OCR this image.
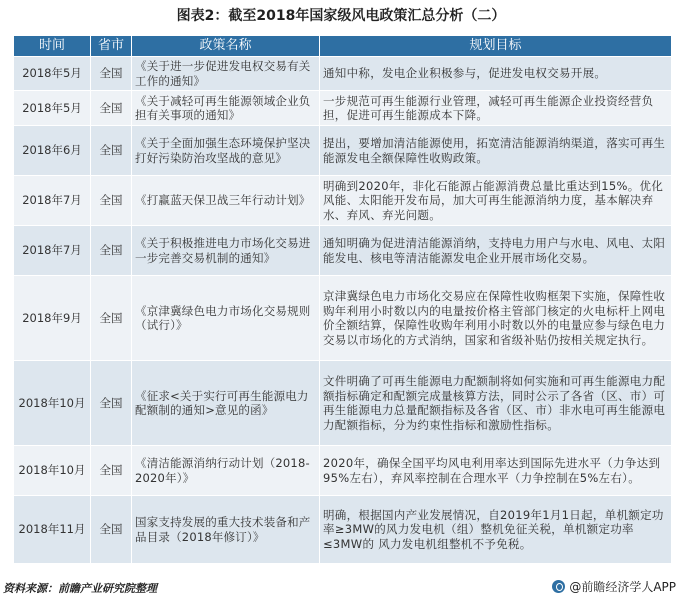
图表2：截至2018年国家级风电政策汇总分析（二）
时间	省市	政策名称	规划目标
2018年5月	全国	《关于进一步促进发电权交易有关工作的通知》	通知中称，发电企业积极参与，促进发电权交易开展。
2018年5月	全国	《关于减轻可再生能源领域企业负担有关事项的通知》	一步规范可再生能源行业管理，减轻可再生能源企业投资经营负担，促进可再生能源成本下降。
2018年6月	全国	《关于全面加强生态环境保护坚决打好污染防治攻坚战的意见》	提出，要增加清洁能源使用，拓宽清洁能源消纳渠道，落实可再生能源发电全额保障性收购政策。
2018年7月	全国	《打赢蓝天保卫战三年行动计划》	明确到2020年，非化石能源占能源消费总量比重达到15%。优化风能、太阳能开发布局，加大可再生能源消纳力度，基本解决弃水、弃风、弃光问题。
2018年7月	全国	《关于积极推进电力市场化交易进一步完善交易机制的通知》	通知明确为促进清洁能源消纳，支持电力用户与水电、风电、太阳能发电、核电等清洁能源发电企业开展市场化交易。
2018年9月	全国	《京津冀绿色电力市场化交易规则（试行）》	京津冀绿色电力市场化交易应在保障性收购框架下实施，保障性收购年利用小时数以内的电量按价格主管部门核定的火电标杆上网电价全额结算，保障性收购年利用小时数以外的电量应参与绿色电力交易以市场化的方式消纳，国家和省级补贴仍按相关规定执行。
2018年10月	全国	《征求<关于实行可再生能源电力配额制的通知>意见的函》	文件明确了可再生能源电力配额制将如何实施和可再生能源电力配额指标确定和配额完成量核算方法，同时公示了各省（区、市）可再生能源电力总量配额指标及各省（区、市）非水电可再生能源电力配额指标，分为约束性指标和激励性指标。
2018年10月	全国	《清洁能源消纳行动计划（2018-2020年）》	2020年，确保全国平均风电利用率达到国际先进水平（力争达到95%左右），弃风率控制在合理水平（力争控制在5%左右）。
2018年11月	全国	国家支持发展的重大技术装备和产品目录（2018年修订）》	明确，根据国内产业发展情况，自2019年1月1日起，单机额定功率≥3MW的风力发电机（组）整机免征关税，单机额定功率≤3MW的 风力发电机组整机不予免税。
资料来源：前瞻产业研究院整理	@前瞻经济学人APP
